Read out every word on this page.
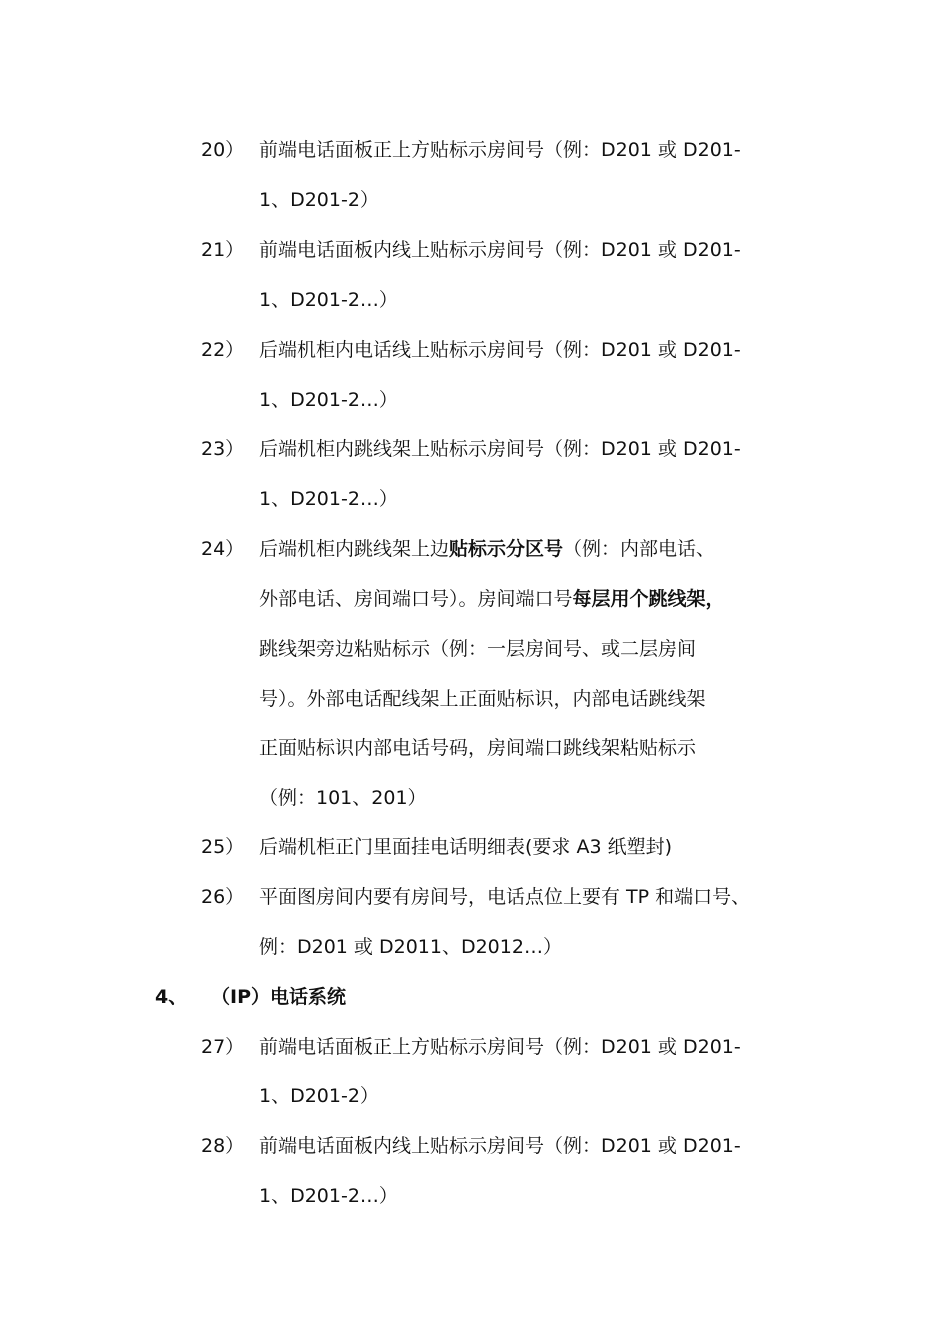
20） 前端电话面板正上方贴标示房间号（例：D201 或 D201-
1、D201-2）
21） 前端电话面板内线上贴标示房间号（例：D201 或 D201-
1、D201-2…）
22） 后端机柜内电话线上贴标示房间号（例：D201 或 D201-
1、D201-2…）
23） 后端机柜内跳线架上贴标示房间号（例：D201 或 D201-
1、D201-2…）
24） 后端机柜内跳线架上边贴标示分区号（例：内部电话、
外部电话、房间端口号）。房间端口号每层用个跳线架，
跳线架旁边粘贴标示（例：一层房间号、或二层房间
号）。外部电话配线架上正面贴标识，内部电话跳线架
正面贴标识内部电话号码，房间端口跳线架粘贴标示
（例：101、201）
25） 后端机柜正门里面挂电话明细表(要求 A3 纸塑封)
26） 平面图房间内要有房间号，电话点位上要有 TP 和端口号、
例：D201 或 D2011、D2012…）
4、 （IP）电话系统
27） 前端电话面板正上方贴标示房间号（例：D201 或 D201-
1、D201-2）
28） 前端电话面板内线上贴标示房间号（例：D201 或 D201-
1、D201-2…）
